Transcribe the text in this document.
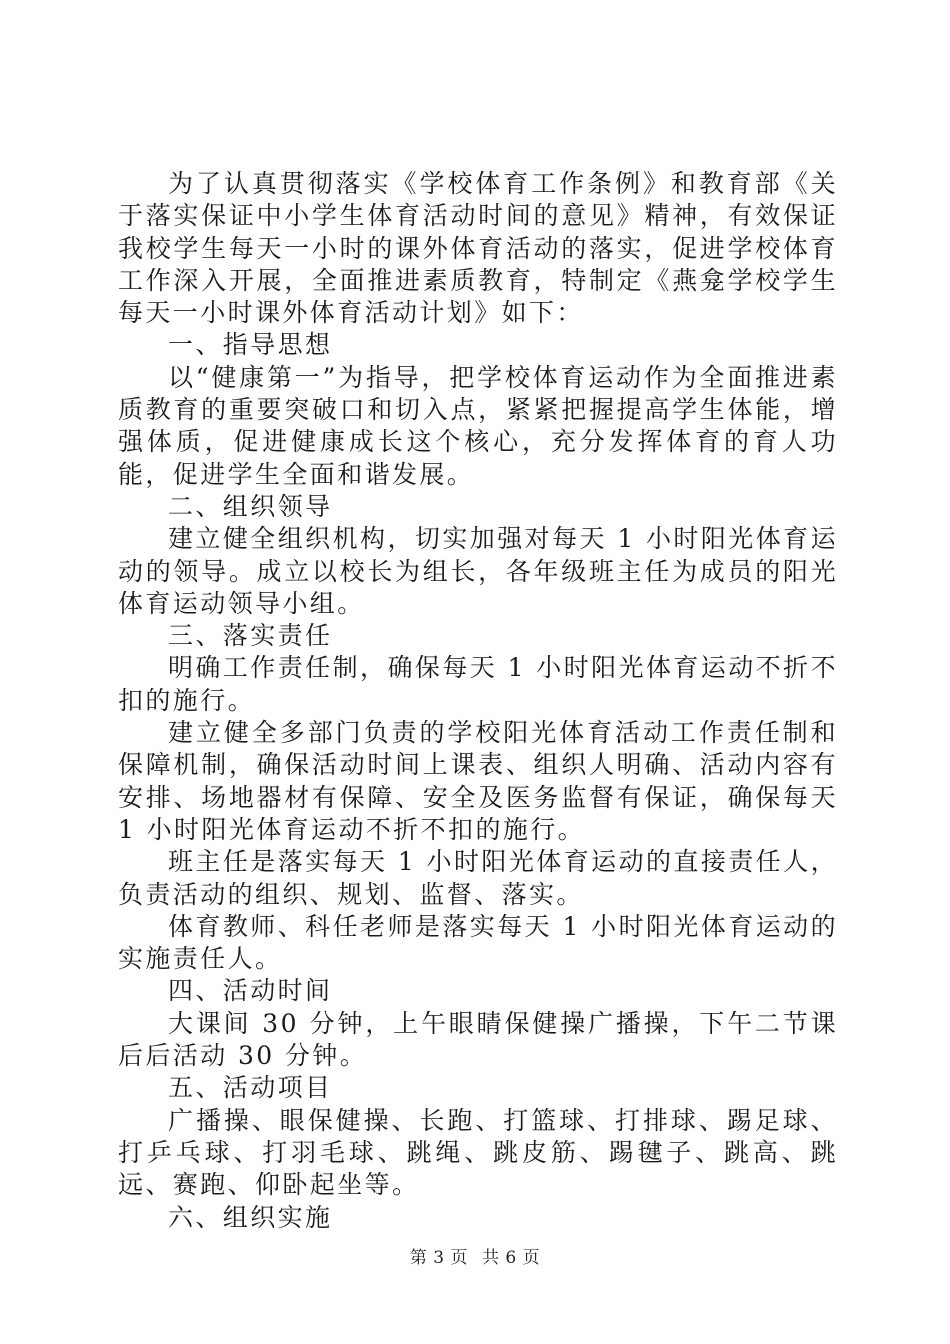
为了认真贯彻落实《学校体育工作条例》和教育部《关于落实保证中小学生体育活动时间的意见》精神，有效保证我校学生每天一小时的课外体育活动的落实，促进学校体育工作深入开展，全面推进素质教育，特制定《燕龛学校学生每天一小时课外体育活动计划》如下：

一、指导思想

以“健康第一”为指导，把学校体育运动作为全面推进素质教育的重要突破口和切入点，紧紧把握提高学生体能，增强体质，促进健康成长这个核心，充分发挥体育的育人功能，促进学生全面和谐发展。

二、组织领导

建立健全组织机构，切实加强对每天 1 小时阳光体育运动的领导。成立以校长为组长，各年级班主任为成员的阳光体育运动领导小组。

三、落实责任

明确工作责任制，确保每天 1 小时阳光体育运动不折不扣的施行。

建立健全多部门负责的学校阳光体育活动工作责任制和保障机制，确保活动时间上课表、组织人明确、活动内容有安排、场地器材有保障、安全及医务监督有保证，确保每天 1 小时阳光体育运动不折不扣的施行。

班主任是落实每天 1 小时阳光体育运动的直接责任人，负责活动的组织、规划、监督、落实。

体育教师、科任老师是落实每天 1 小时阳光体育运动的实施责任人。

四、活动时间

大课间 30 分钟，上午眼睛保健操广播操，下午二节课后后活动 30 分钟。

五、活动项目

广播操、眼保健操、长跑、打篮球、打排球、踢足球、打乒乓球、打羽毛球、跳绳、跳皮筋、踢毽子、跳高、跳远、赛跑、仰卧起坐等。

六、组织实施

第 3 页 共 6 页
